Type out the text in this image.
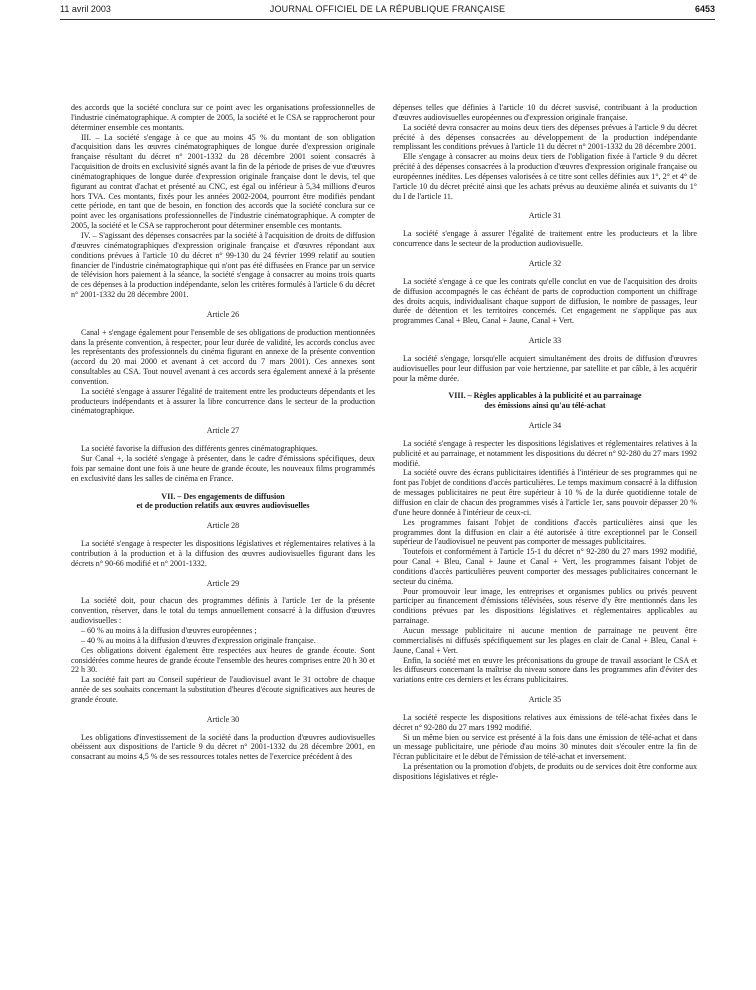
11 avril 2003	JOURNAL OFFICIEL DE LA RÉPUBLIQUE FRANÇAISE	6453

des accords que la société conclura sur ce point avec les organisations professionnelles de l'industrie cinématographique. A compter de 2005, la société et le CSA se rapprocheront pour déterminer ensemble ces montants.

III. – La société s'engage à ce que au moins 45 % du montant de son obligation d'acquisition dans les œuvres cinématographiques de longue durée d'expression originale française résultant du décret n° 2001-1332 du 28 décembre 2001 soient consacrés à l'acquisition de droits en exclusivité signés avant la fin de la période de prises de vue d'œuvres cinématographiques de longue durée d'expression originale française dont le devis, tel que figurant au contrat d'achat et présenté au CNC, est égal ou inférieur à 5,34 millions d'euros hors TVA. Ces montants, fixés pour les années 2002-2004, pourront être modifiés pendant cette période, en tant que de besoin, en fonction des accords que la société conclura sur ce point avec les organisations professionnelles de l'industrie cinématographique. A compter de 2005, la société et le CSA se rapprocheront pour déterminer ensemble ces montants.

IV. – S'agissant des dépenses consacrées par la société à l'acquisition de droits de diffusion d'œuvres cinématographiques d'expression originale française et d'œuvres répondant aux conditions prévues à l'article 10 du décret n° 99-130 du 24 février 1999 relatif au soutien financier de l'industrie cinématographique qui n'ont pas été diffusées en France par un service de télévision hors paiement à la séance, la société s'engage à consacrer au moins trois quarts de ces dépenses à la production indépendante, selon les critères formulés à l'article 6 du décret n° 2001-1332 du 28 décembre 2001.

Article 26

Canal + s'engage également pour l'ensemble de ses obligations de production mentionnées dans la présente convention, à respecter, pour leur durée de validité, les accords conclus avec les représentants des professionnels du cinéma figurant en annexe de la présente convention (accord du 20 mai 2000 et avenant à cet accord du 7 mars 2001). Ces annexes sont consultables au CSA. Tout nouvel avenant à ces accords sera également annexé à la présente convention.

La société s'engage à assurer l'égalité de traitement entre les producteurs dépendants et les producteurs indépendants et à assurer la libre concurrence dans le secteur de la production cinématographique.

Article 27

La société favorise la diffusion des différents genres cinématographiques.

Sur Canal +, la société s'engage à présenter, dans le cadre d'émissions spécifiques, deux fois par semaine dont une fois à une heure de grande écoute, les nouveaux films programmés en exclusivité dans les salles de cinéma en France.

VII. – Des engagements de diffusion
et de production relatifs aux œuvres audiovisuelles

Article 28

La société s'engage à respecter les dispositions législatives et réglementaires relatives à la contribution à la production et à la diffusion des œuvres audiovisuelles figurant dans les décrets n° 90-66 modifié et n° 2001-1332.

Article 29

La société doit, pour chacun des programmes définis à l'article 1er de la présente convention, réserver, dans le total du temps annuellement consacré à la diffusion d'œuvres audiovisuelles :

– 60 % au moins à la diffusion d'œuvres européennes ;

– 40 % au moins à la diffusion d'œuvres d'expression originale française.

Ces obligations doivent également être respectées aux heures de grande écoute. Sont considérées comme heures de grande écoute l'ensemble des heures comprises entre 20 h 30 et 22 h 30.

La société fait part au Conseil supérieur de l'audiovisuel avant le 31 octobre de chaque année de ses souhaits concernant la substitution d'heures d'écoute significatives aux heures de grande écoute.

Article 30

Les obligations d'investissement de la société dans la production d'œuvres audiovisuelles obéissent aux dispositions de l'article 9 du décret n° 2001-1332 du 28 décembre 2001, en consacrant au moins 4,5 % de ses ressources totales nettes de l'exercice précédent à des

dépenses telles que définies à l'article 10 du décret susvisé, contribuant à la production d'œuvres audiovisuelles européennes ou d'expression originale française.

La société devra consacrer au moins deux tiers des dépenses prévues à l'article 9 du décret précité à des dépenses consacrées au développement de la production indépendante remplissant les conditions prévues à l'article 11 du décret n° 2001-1332 du 28 décembre 2001.

Elle s'engage à consacrer au moins deux tiers de l'obligation fixée à l'article 9 du décret précité à des dépenses consacrées à la production d'œuvres d'expression originale française ou européennes inédites. Les dépenses valorisées à ce titre sont celles définies aux 1°, 2° et 4° de l'article 10 du décret précité ainsi que les achats prévus au deuxième alinéa et suivants du 1° du I de l'article 11.

Article 31

La société s'engage à assurer l'égalité de traitement entre les producteurs et la libre concurrence dans le secteur de la production audiovisuelle.

Article 32

La société s'engage à ce que les contrats qu'elle conclut en vue de l'acquisition des droits de diffusion accompagnés le cas échéant de parts de coproduction comportent un chiffrage des droits acquis, individualisant chaque support de diffusion, le nombre de passages, leur durée de détention et les territoires concernés. Cet engagement ne s'applique pas aux programmes Canal + Bleu, Canal + Jaune, Canal + Vert.

Article 33

La société s'engage, lorsqu'elle acquiert simultanément des droits de diffusion d'œuvres audiovisuelles pour leur diffusion par voie hertzienne, par satellite et par câble, à les acquérir pour la même durée.

VIII. – Règles applicables à la publicité et au parrainage
des émissions ainsi qu'au télé-achat

Article 34

La société s'engage à respecter les dispositions législatives et réglementaires relatives à la publicité et au parrainage, et notamment les dispositions du décret n° 92-280 du 27 mars 1992 modifié.

La société ouvre des écrans publicitaires identifiés à l'intérieur de ses programmes qui ne font pas l'objet de conditions d'accès particulières. Le temps maximum consacré à la diffusion de messages publicitaires ne peut être supérieur à 10 % de la durée quotidienne totale de diffusion en clair de chacun des programmes visés à l'article 1er, sans pouvoir dépasser 20 % d'une heure donnée à l'intérieur de ceux-ci.

Les programmes faisant l'objet de conditions d'accès particulières ainsi que les programmes dont la diffusion en clair a été autorisée à titre exceptionnel par le Conseil supérieur de l'audiovisuel ne peuvent pas comporter de messages publicitaires.

Toutefois et conformément à l'article 15-1 du décret n° 92-280 du 27 mars 1992 modifié, pour Canal + Bleu, Canal + Jaune et Canal + Vert, les programmes faisant l'objet de conditions d'accès particulières peuvent comporter des messages publicitaires concernant le secteur du cinéma.

Pour promouvoir leur image, les entreprises et organismes publics ou privés peuvent participer au financement d'émissions télévisées, sous réserve d'y être mentionnés dans les conditions prévues par les dispositions législatives et réglementaires applicables au parrainage.

Aucun message publicitaire ni aucune mention de parrainage ne peuvent être commercialisés ni diffusés spécifiquement sur les plages en clair de Canal + Bleu, Canal + Jaune, Canal + Vert.

Enfin, la société met en œuvre les préconisations du groupe de travail associant le CSA et les diffuseurs concernant la maîtrise du niveau sonore dans les programmes afin d'éviter des variations entre ces derniers et les écrans publicitaires.

Article 35

La société respecte les dispositions relatives aux émissions de télé-achat fixées dans le décret n° 92-280 du 27 mars 1992 modifié.

Si un même bien ou service est présenté à la fois dans une émission de télé-achat et dans un message publicitaire, une période d'au moins 30 minutes doit s'écouler entre la fin de l'écran publicitaire et le début de l'émission de télé-achat et inversement.

La présentation ou la promotion d'objets, de produits ou de services doit être conforme aux dispositions législatives et régle-
